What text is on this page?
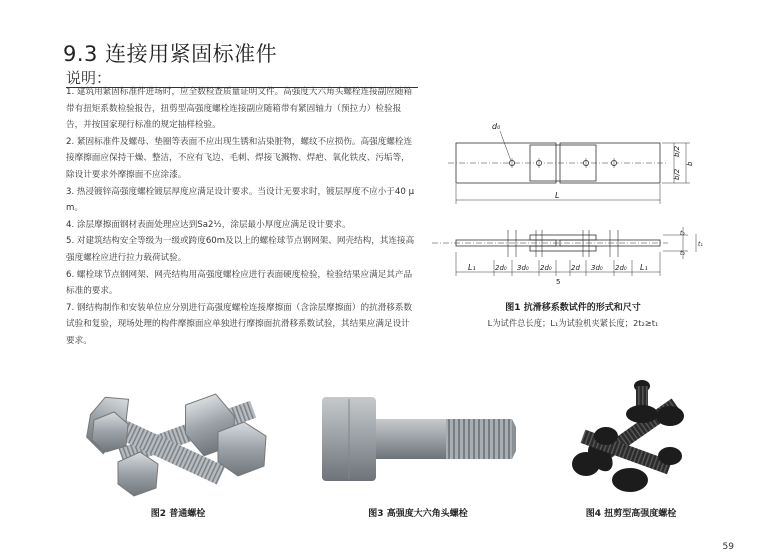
9.3 连接用紧固标准件
说明：

1. 建筑用紧固标准件进场时，应全数检查质量证明文件。高强度大六角头螺栓连接副应随箱带有扭矩系数检验报告，扭剪型高强度螺栓连接副应随箱带有紧固轴力（预拉力）检验报告，并按国家现行标准的规定抽样检验。

2. 紧固标准件及螺母、垫圈等表面不应出现生锈和沾染脏物，螺纹不应损伤。高强度螺栓连接摩擦面应保持干燥、整洁，不应有飞边、毛刺、焊接飞溅物、焊疤、氧化铁皮、污垢等，除设计要求外摩擦面不应涂漆。

3. 热浸镀锌高强度螺栓镀层厚度应满足设计要求。当设计无要求时，镀层厚度不应小于40 μ m。

4. 涂层摩擦面钢材表面处理应达到Sa2½，涂层最小厚度应满足设计要求。

5. 对建筑结构安全等级为一级或跨度60m及以上的螺栓球节点钢网架、网壳结构，其连接高强度螺栓应进行拉力载荷试验。

6. 螺栓球节点钢网架、网壳结构用高强度螺栓应进行表面硬度检验，检验结果应满足其产品标准的要求。

7. 钢结构制作和安装单位应分别进行高强度螺栓连接摩擦面（含涂层摩擦面）的抗滑移系数试验和复验，现场处理的构件摩擦面应单独进行摩擦面抗滑移系数试验，其结果应满足设计要求。

d₀
b/2
b/2
b
L
t₂
t₁
t₂
L₁	2d₀ 3d₀ 2d₀	2d 3d₀ 2d₀ L₁
5
图1 抗滑移系数试件的形式和尺寸
L为试件总长度；L₁为试验机夹紧长度；2t₂≥t₁
图2 普通螺栓	图3 高强度大六角头螺栓	图4 扭剪型高强度螺栓
59
